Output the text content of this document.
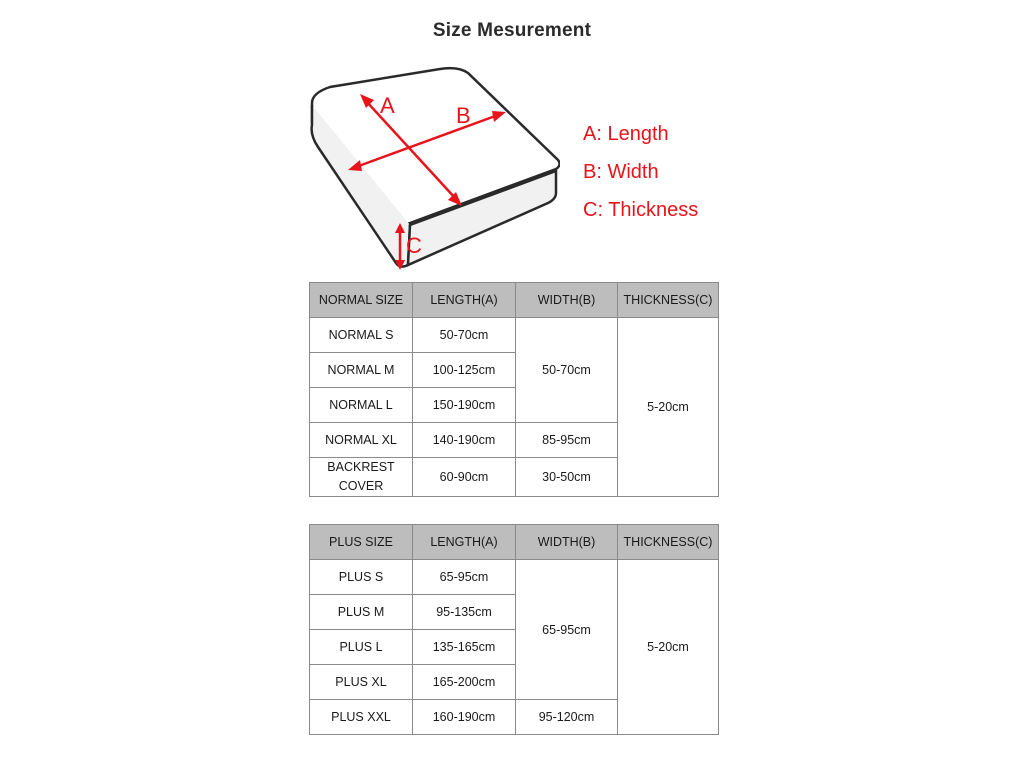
Size Mesurement
A	B
C
A: Length
B: Width
C: Thickness
NORMAL SIZE	LENGTH(A)	WIDTH(B)	THICKNESS(C)
NORMAL S	50-70cm	50-70cm	5-20cm
NORMAL M	100-125cm		
NORMAL L	150-190cm		
NORMAL XL	140-190cm	85-95cm	
BACKREST
COVER	60-90cm	30-50cm	
PLUS SIZE	LENGTH(A)	WIDTH(B)	THICKNESS(C)
PLUS S	65-95cm	65-95cm	5-20cm
PLUS M	95-135cm		
PLUS L	135-165cm		
PLUS XL	165-200cm		
PLUS XXL	160-190cm	95-120cm	
